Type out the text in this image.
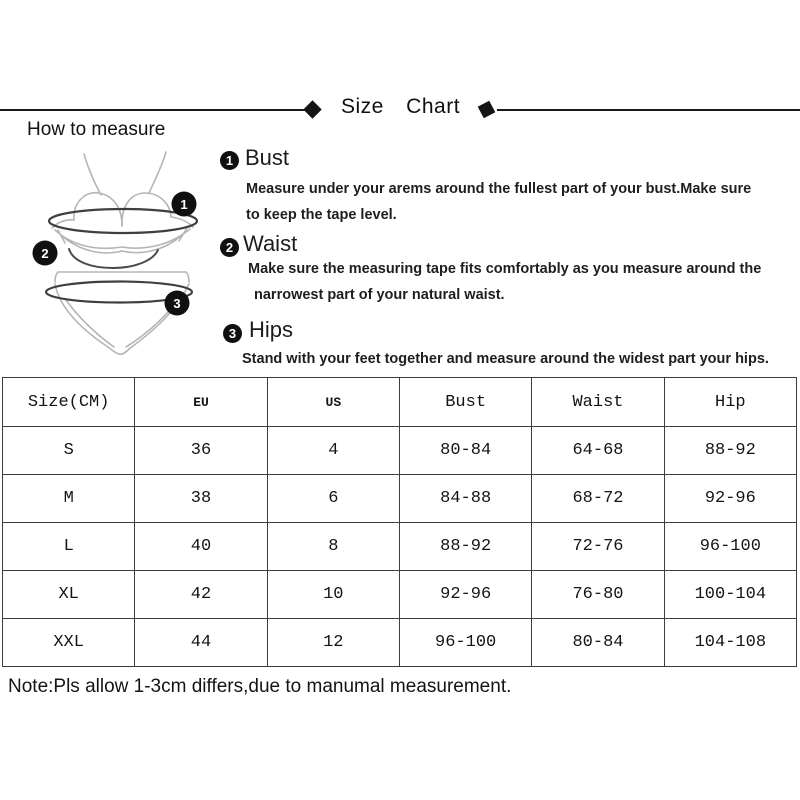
Size Chart
How to measure
1
2
3
1 Bust
Measure under your arems around the fullest part of your bust.Make sure
to keep the tape level.
2 Waist
Make sure the measuring tape fits comfortably as you measure around the
narrowest part of your natural waist.
3 Hips
Stand with your feet together and measure around the widest part your hips.
Size(CM)	EU	US	Bust	Waist	Hip
S	36	4	80-84	64-68	88-92
M	38	6	84-88	68-72	92-96
L	40	8	88-92	72-76	96-100
XL	42	10	92-96	76-80	100-104
XXL	44	12	96-100	80-84	104-108
Note:Pls allow 1-3cm differs,due to manumal measurement.
